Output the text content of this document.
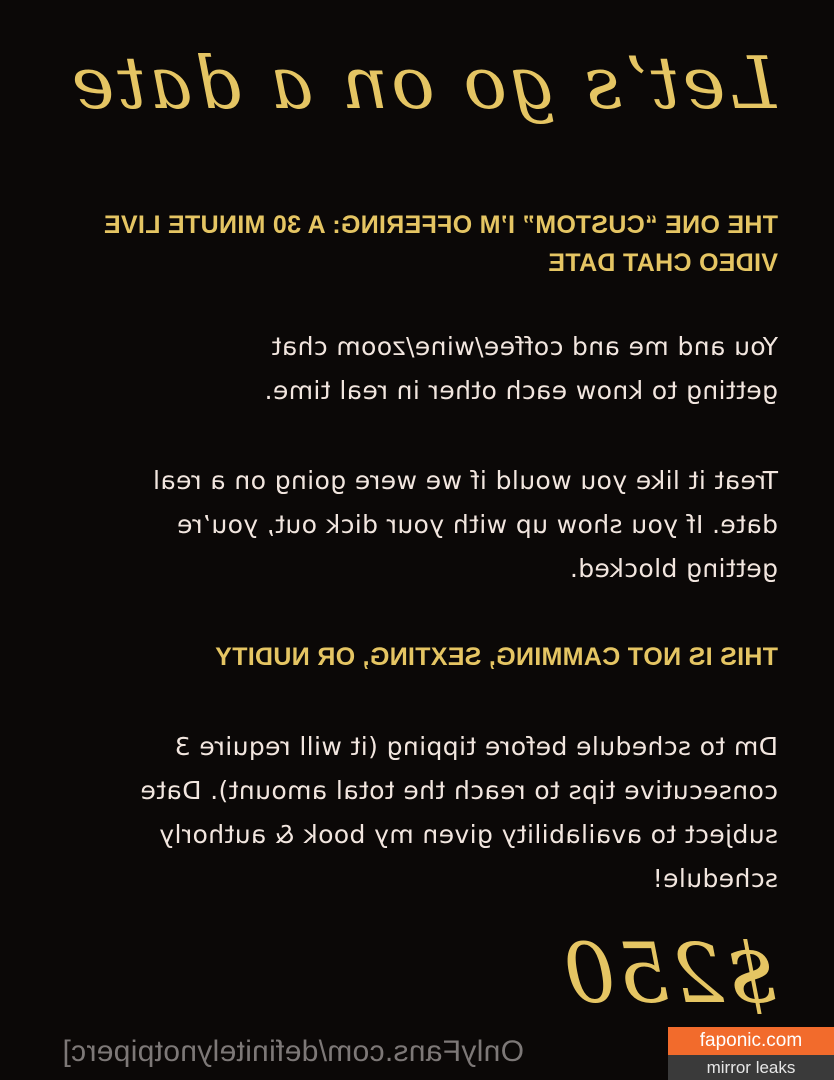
Let’s go on a date

THE ONE “CUSTOM” I’M OFFERING: A 30 MINUTE LIVE VIDEO CHAT DATE

You and me and coffee/wine/zoom chat getting to know each other in real time.

Treat it like you would if we were going on a real date. If you show up with your dick out, you’re getting blocked.

THIS IS NOT CAMMING, SEXTING, OR NUDITY

Dm to schedule before tipping (it will require 3 consecutive tips to reach the total amount). Date subject to availability given my book & authorly schedule!

$250

OnlyFans.com/definitelynotpiperc]	faponic.com
mirror leaks
